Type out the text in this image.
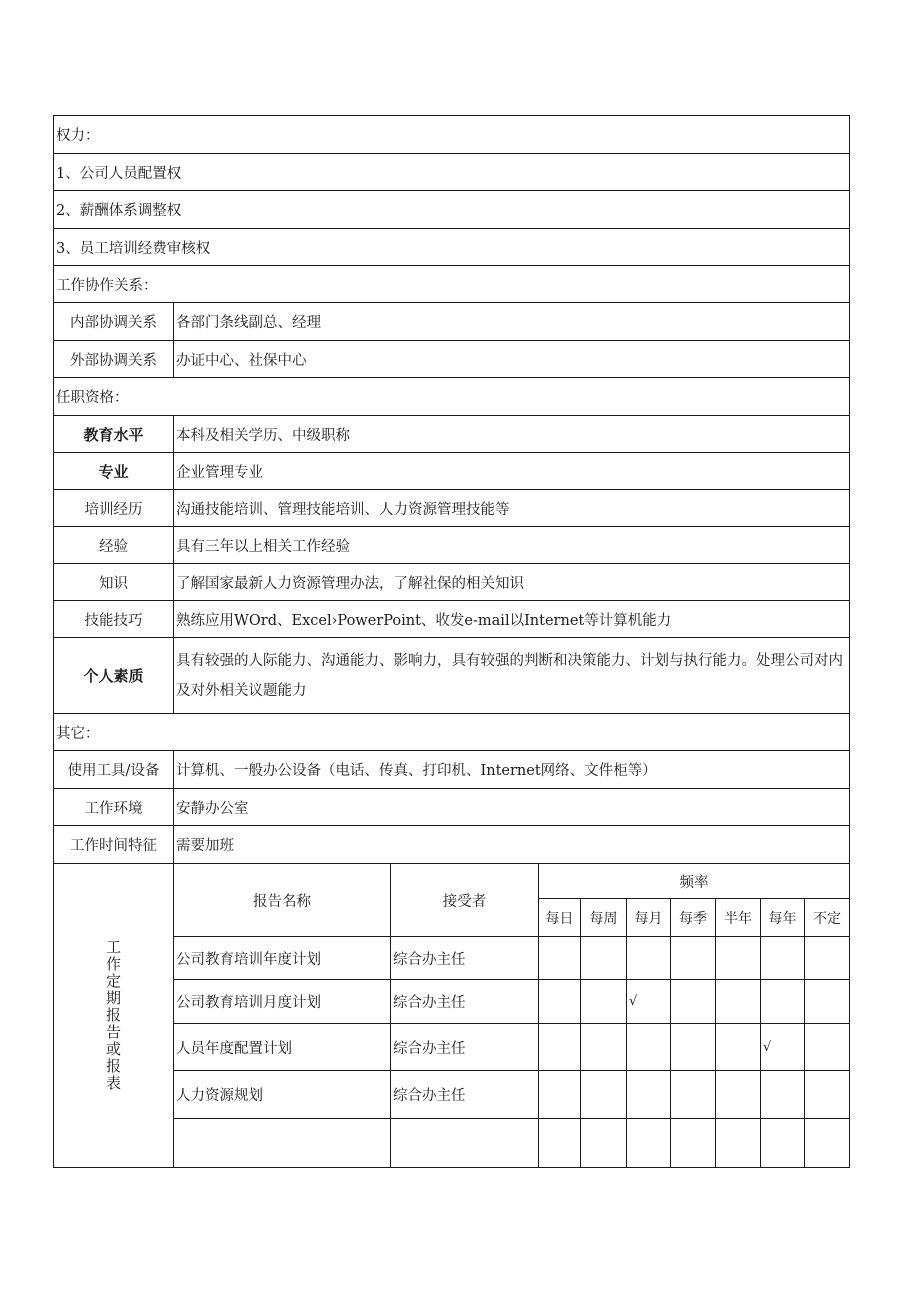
权力：									
1、公司人员配置权									
2、薪酬体系调整权									
3、员工培训经费审核权									
工作协作关系：									
内部协调关系	各部门条线副总、经理								
外部协调关系	办证中心、社保中心								
任职资格：									
教育水平	本科及相关学历、中级职称								
专业	企业管理专业								
培训经历	沟通技能培训、管理技能培训、人力资源管理技能等								
经验	具有三年以上相关工作经验								
知识	了解国家最新人力资源管理办法，了解社保的相关知识								
技能技巧	熟练应用WOrd、Excel›PowerPoint、收发e-mail以Internet等计算机能力								
个人素质	具有较强的人际能力、沟通能力、影响力，具有较强的判断和决策能力、计划与执行能力。处理公司对内及对外相关议题能力								
其它：									
使用工具/设备	计算机、一般办公设备（电话、传真、打印机、Internet网络、文件柜等）								
工作环境	安静办公室								
工作时间特征	需要加班								
工作定期报告或报表	报告名称	接受者	频率						
			每日	每周	每月	每季	半年	每年	不定
	公司教育培训年度计划	综合办主任							
	公司教育培训月度计划	综合办主任			√				
	人员年度配置计划	综合办主任						√	
	人力资源规划	综合办主任							
